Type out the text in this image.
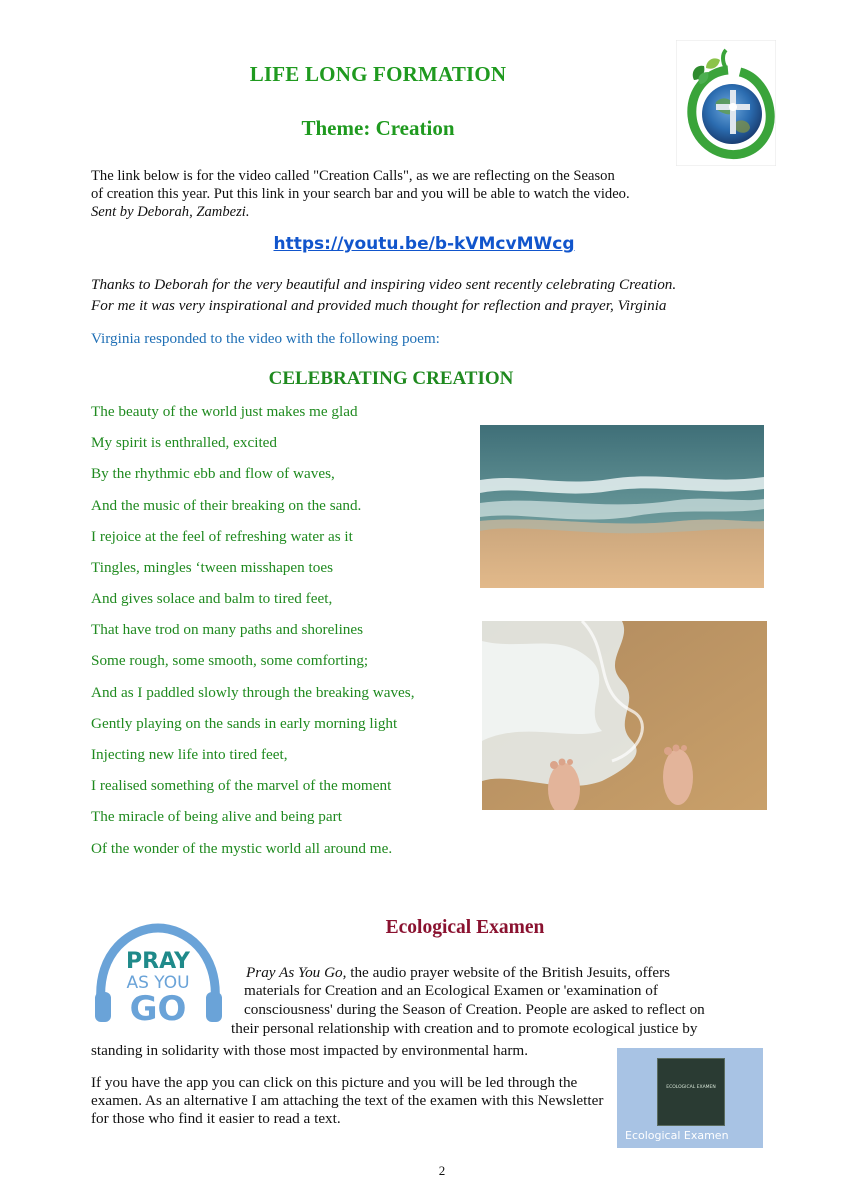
LIFE LONG FORMATION
Theme: Creation
The link below is for the video called "Creation Calls", as we are reflecting on the Season
of creation this year. Put this link in your search bar and you will be able to watch the video.
Sent by Deborah, Zambezi.
https://youtu.be/b-kVMcvMWcg
Thanks to Deborah for the very beautiful and inspiring video sent recently celebrating Creation.
For me it was very inspirational and provided much thought for reflection and prayer, Virginia
Virginia responded to the video with the following poem:
CELEBRATING CREATION
The beauty of the world just makes me glad
My spirit is enthralled, excited
By the rhythmic ebb and flow of waves,
And the music of their breaking on the sand.
I rejoice at the feel of refreshing water as it
Tingles, mingles ‘tween misshapen toes
And gives solace and balm to tired feet,
That have trod on many paths and shorelines
Some rough, some smooth, some comforting;
And as I paddled slowly through the breaking waves,
Gently playing on the sands in early morning light
Injecting new life into tired feet,
I realised something of the marvel of the moment
The miracle of being alive and being part
Of the wonder of the mystic world all around me.
Ecological Examen
PRAY
AS YOU
GO
Pray As You Go, the audio prayer website of the British Jesuits, offers
materials for Creation and an Ecological Examen or 'examination of
consciousness' during the Season of Creation. People are asked to reflect on
their personal relationship with creation and to promote ecological justice by
standing in solidarity with those most impacted by environmental harm.
If you have the app you can click on this picture and you will be led through the examen. As an alternative I am attaching the text of the examen with this Newsletter for those who find it easier to read a text.
ECOLOGICAL EXAMEN
Ecological Examen
2
